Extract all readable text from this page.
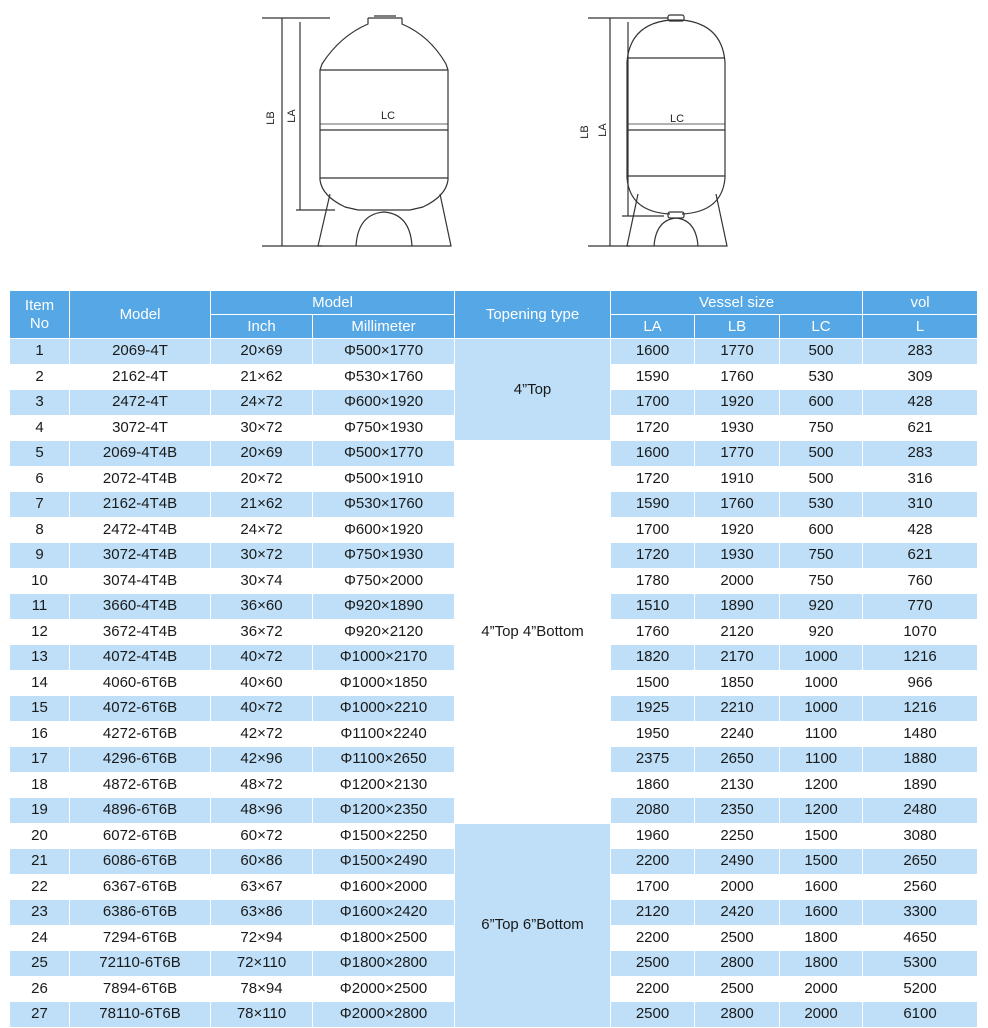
LB LA	LC
LB LA
LC
Item
No	Model	Model		Topening type	Vessel size			vol
		Inch	Millimeter		LA	LB	LC	L
1	2069-4T	20×69	Φ500×1770	4”Top	1600	1770	500	283
2	2162-4T	21×62	Φ530×1760		1590	1760	530	309
3	2472-4T	24×72	Φ600×1920		1700	1920	600	428
4	3072-4T	30×72	Φ750×1930		1720	1930	750	621
5	2069-4T4B	20×69	Φ500×1770	4”Top 4”Bottom	1600	1770	500	283
6	2072-4T4B	20×72	Φ500×1910		1720	1910	500	316
7	2162-4T4B	21×62	Φ530×1760		1590	1760	530	310
8	2472-4T4B	24×72	Φ600×1920		1700	1920	600	428
9	3072-4T4B	30×72	Φ750×1930		1720	1930	750	621
10	3074-4T4B	30×74	Φ750×2000		1780	2000	750	760
11	3660-4T4B	36×60	Φ920×1890		1510	1890	920	770
12	3672-4T4B	36×72	Φ920×2120		1760	2120	920	1070
13	4072-4T4B	40×72	Φ1000×2170		1820	2170	1000	1216
14	4060-6T6B	40×60	Φ1000×1850		1500	1850	1000	966
15	4072-6T6B	40×72	Φ1000×2210		1925	2210	1000	1216
16	4272-6T6B	42×72	Φ1100×2240		1950	2240	1100	1480
17	4296-6T6B	42×96	Φ1100×2650		2375	2650	1100	1880
18	4872-6T6B	48×72	Φ1200×2130		1860	2130	1200	1890
19	4896-6T6B	48×96	Φ1200×2350		2080	2350	1200	2480
20	6072-6T6B	60×72	Φ1500×2250	6”Top 6”Bottom	1960	2250	1500	3080
21	6086-6T6B	60×86	Φ1500×2490		2200	2490	1500	2650
22	6367-6T6B	63×67	Φ1600×2000		1700	2000	1600	2560
23	6386-6T6B	63×86	Φ1600×2420		2120	2420	1600	3300
24	7294-6T6B	72×94	Φ1800×2500		2200	2500	1800	4650
25	72110-6T6B	72×110	Φ1800×2800		2500	2800	1800	5300
26	7894-6T6B	78×94	Φ2000×2500		2200	2500	2000	5200
27	78110-6T6B	78×110	Φ2000×2800		2500	2800	2000	6100
